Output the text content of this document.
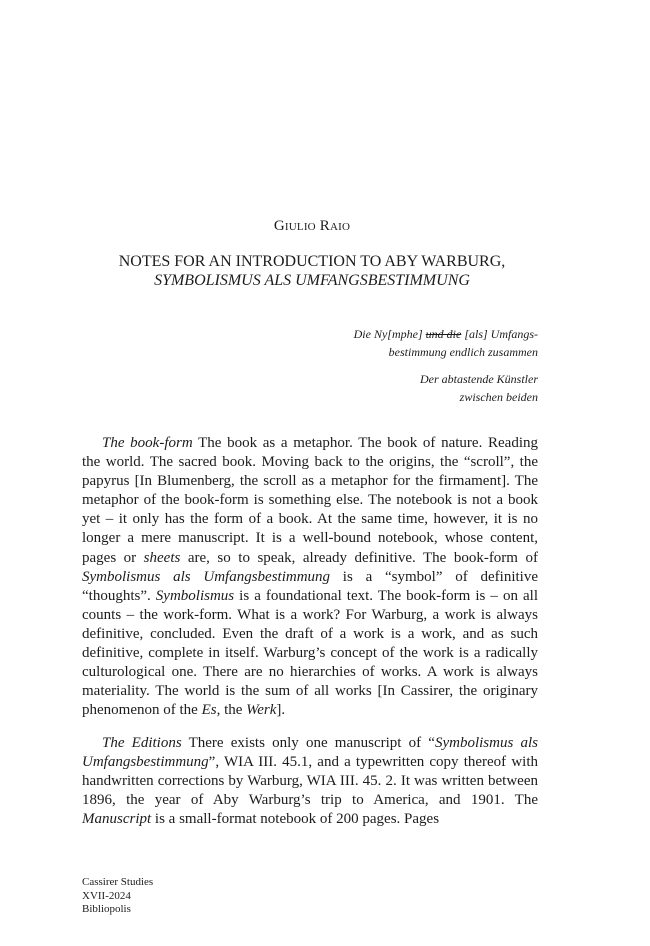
Giulio Raio
NOTES FOR AN INTRODUCTION TO ABY WARBURG,
SYMBOLISMUS ALS UMFANGSBESTIMMUNG
Die Ny[mphe] und die [als] Umfangs-
bestimmung endlich zusammen
Der abtastende Künstler
zwischen beiden

The book-form The book as a metaphor. The book of nature. Reading the world. The sacred book. Moving back to the origins, the “scroll”, the papyrus [In Blumenberg, the scroll as a metaphor for the firmament]. The metaphor of the book-form is something else. The notebook is not a book yet – it only has the form of a book. At the same time, however, it is no longer a mere manuscript. It is a well-bound notebook, whose content, pages or sheets are, so to speak, already definitive. The book-form of Symbolismus als Umfangsbestimmung is a “symbol” of definitive “thoughts”. Symbolismus is a foundational text. The book-form is – on all counts – the work-form. What is a work? For Warburg, a work is always definitive, concluded. Even the draft of a work is a work, and as such definitive, complete in itself. Warburg’s concept of the work is a radically culturological one. There are no hierarchies of works. A work is always materiality. The world is the sum of all works [In Cassirer, the originary phenomenon of the Es, the Werk].

The Editions There exists only one manuscript of “Symbolismus als Umfangsbestimmung”, WIA III. 45.1, and a typewritten copy thereof with handwritten corrections by Warburg, WIA III. 45. 2. It was written between 1896, the year of Aby Warburg’s trip to America, and 1901. The Manuscript is a small-format notebook of 200 pages. Pages

Cassirer Studies
XVII-2024
Bibliopolis
